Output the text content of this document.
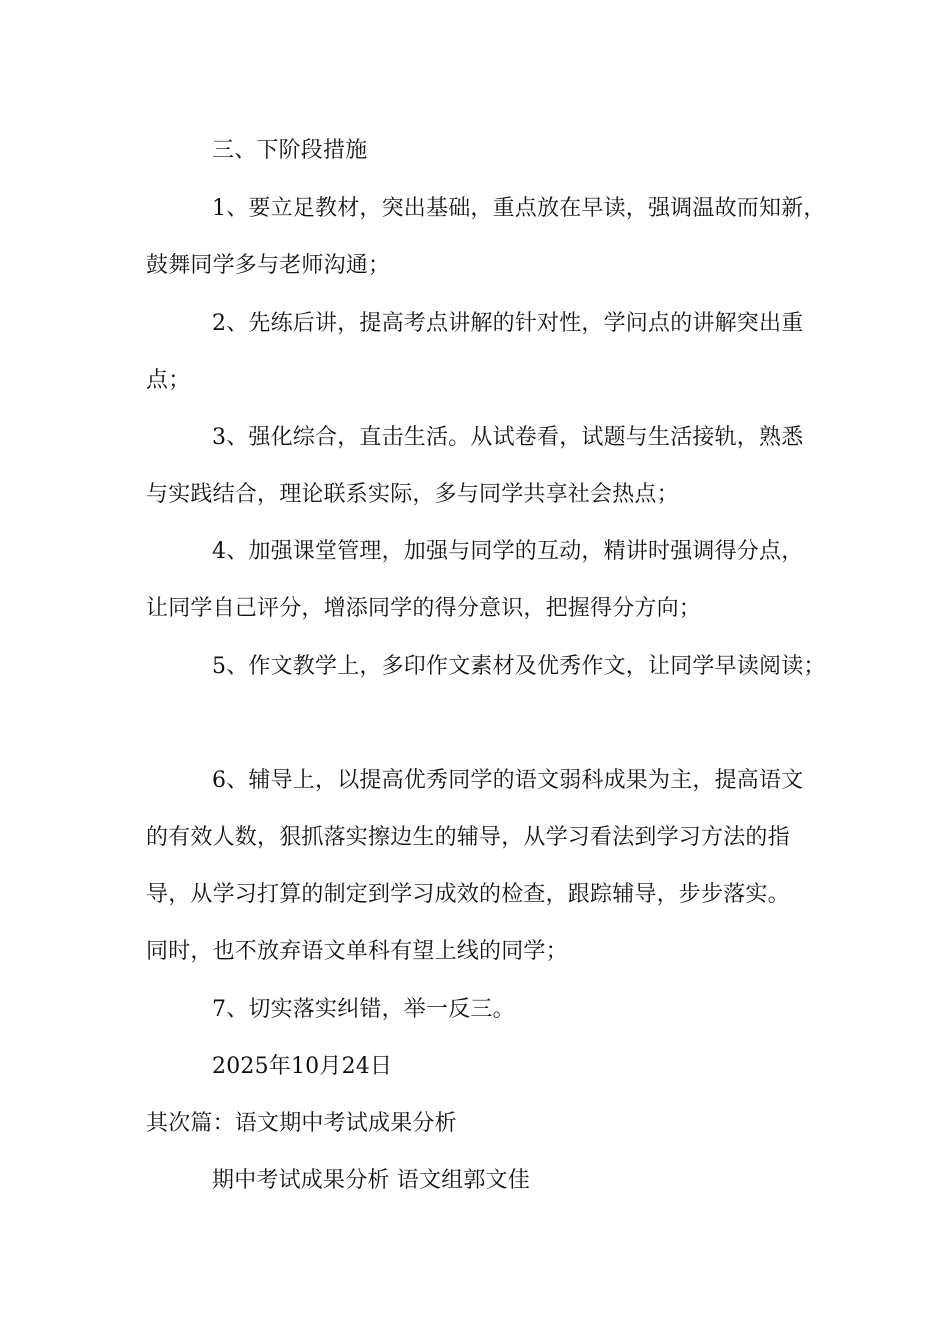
三、下阶段措施
1、要立足教材，突出基础，重点放在早读，强调温故而知新，
鼓舞同学多与老师沟通；
2、先练后讲，提高考点讲解的针对性，学问点的讲解突出重
点；
3、强化综合，直击生活。从试卷看，试题与生活接轨，熟悉
与实践结合，理论联系实际，多与同学共享社会热点；
4、加强课堂管理，加强与同学的互动，精讲时强调得分点，
让同学自己评分，增添同学的得分意识，把握得分方向；
5、作文教学上，多印作文素材及优秀作文，让同学早读阅读；
6、辅导上，以提高优秀同学的语文弱科成果为主，提高语文
的有效人数，狠抓落实擦边生的辅导，从学习看法到学习方法的指
导，从学习打算的制定到学习成效的检查，跟踪辅导，步步落实。
同时，也不放弃语文单科有望上线的同学；
7、切实落实纠错，举一反三。
2025年10月24日
其次篇：语文期中考试成果分析
期中考试成果分析 语文组郭文佳
